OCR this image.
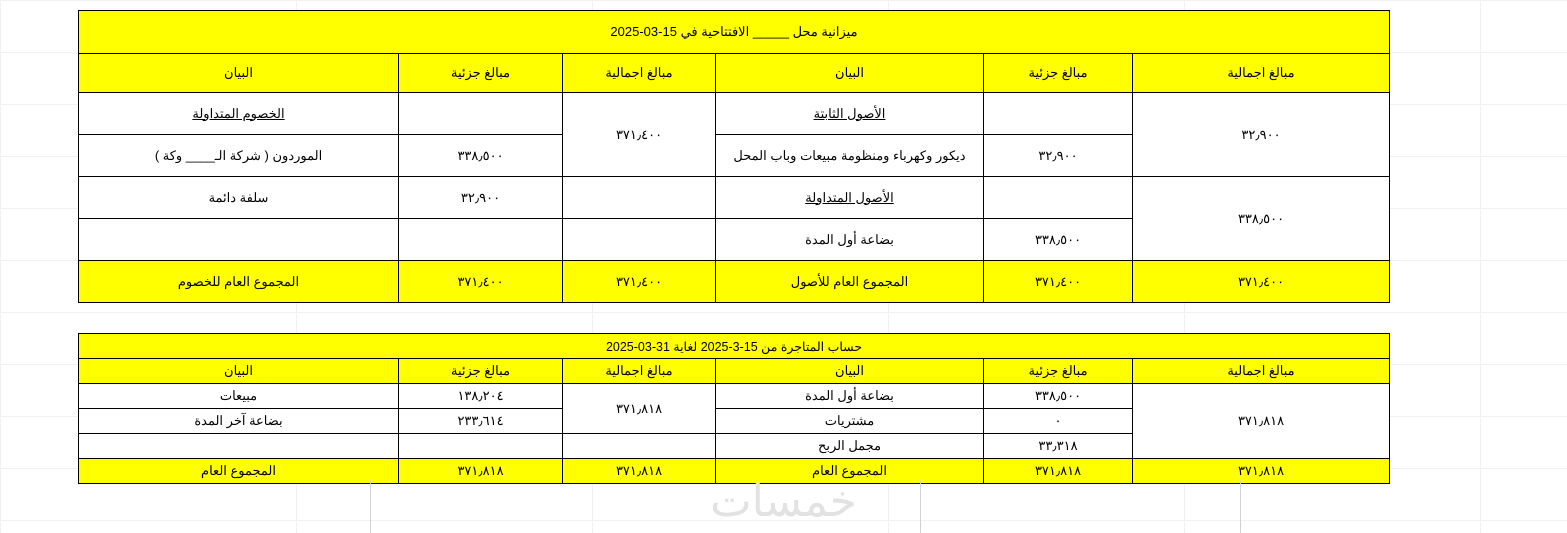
ميزانية محل _____ الافتتاحية في 15-03-2025					
مبالغ اجمالية	مبالغ جزئية	البيان	مبالغ اجمالية	مبالغ جزئية	البيان
٣٢٫٩٠٠		الأصول الثابتة	٣٧١٫٤٠٠		الخصوم المتداولة
	٣٢٫٩٠٠	ديكور وكهرباء ومنظومة مبيعات وباب المحل		٣٣٨٫٥٠٠	الموردون ( شركة الـ____ وكة )
٣٣٨٫٥٠٠		الأصول المتداولة		٣٢٫٩٠٠	سلفة دائمة
	٣٣٨٫٥٠٠	بضاعة أول المدة			
٣٧١٫٤٠٠	٣٧١٫٤٠٠	المجموع العام للأصول	٣٧١٫٤٠٠	٣٧١٫٤٠٠	المجموع العام للخصوم
حساب المتاجرة من 15-3-2025 لغاية 31-03-2025					
مبالغ اجمالية	مبالغ جزئية	البيان	مبالغ اجمالية	مبالغ جزئية	البيان
٣٧١٫٨١٨	٣٣٨٫٥٠٠	بضاعة أول المدة	٣٧١٫٨١٨	١٣٨٫٢٠٤	مبيعات
	٠	مشتريات		٢٣٣٫٦١٤	بضاعة آخر المدة
	٣٣٫٣١٨	مجمل الربح			
٣٧١٫٨١٨	٣٧١٫٨١٨	المجموع العام	٣٧١٫٨١٨	٣٧١٫٨١٨	المجموع العام
خمسات
